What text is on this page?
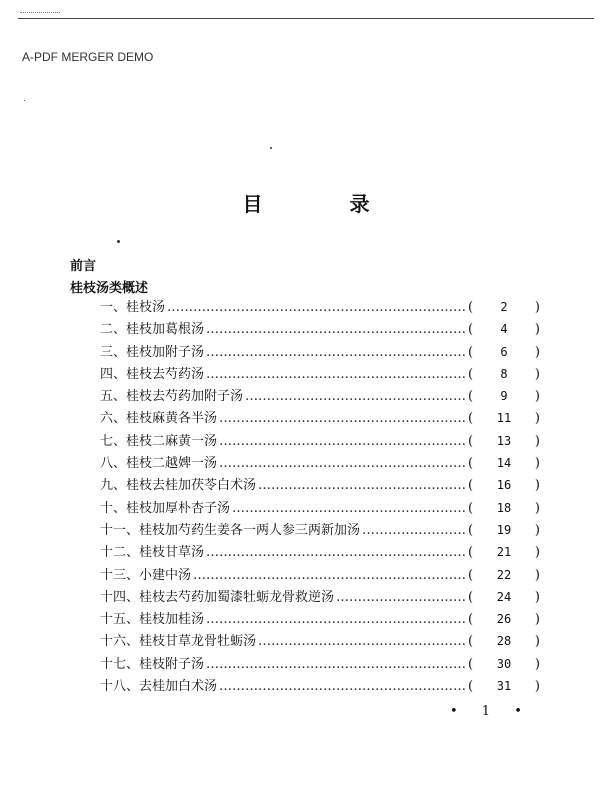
A-PDF MERGER DEMO
目 录
前言
桂枝汤类概述
一、桂枝汤 ……………………………………………………………………………………………………	(	2	)
二、桂枝加葛根汤 ……………………………………………………………………………………………………	(	4	)
三、桂枝加附子汤 ……………………………………………………………………………………………………	(	6	)
四、桂枝去芍药汤 ……………………………………………………………………………………………………	(	8	)
五、桂枝去芍药加附子汤 ……………………………………………………………………………………………………	(	9	)
六、桂枝麻黄各半汤 ……………………………………………………………………………………………………	(	11	)
七、桂枝二麻黄一汤 ……………………………………………………………………………………………………	(	13	)
八、桂枝二越婢一汤 ……………………………………………………………………………………………………	(	14	)
九、桂枝去桂加茯苓白术汤 ……………………………………………………………………………………………………	(	16	)
十、桂枝加厚朴杏子汤 ……………………………………………………………………………………………………	(	18	)
十一、桂枝加芍药生姜各一两人参三两新加汤 ……………………………………………………………………………………………………	(	19	)
十二、桂枝甘草汤 ……………………………………………………………………………………………………	(	21	)
十三、小建中汤 ……………………………………………………………………………………………………	(	22	)
十四、桂枝去芍药加蜀漆牡蛎龙骨救逆汤 ……………………………………………………………………………………………………	(	24	)
十五、桂枝加桂汤 ……………………………………………………………………………………………………	(	26	)
十六、桂枝甘草龙骨牡蛎汤 ……………………………………………………………………………………………………	(	28	)
十七、桂枝附子汤 ……………………………………………………………………………………………………	(	30	)
十八、去桂加白术汤 ……………………………………………………………………………………………………	(	31	)
• 1 •
